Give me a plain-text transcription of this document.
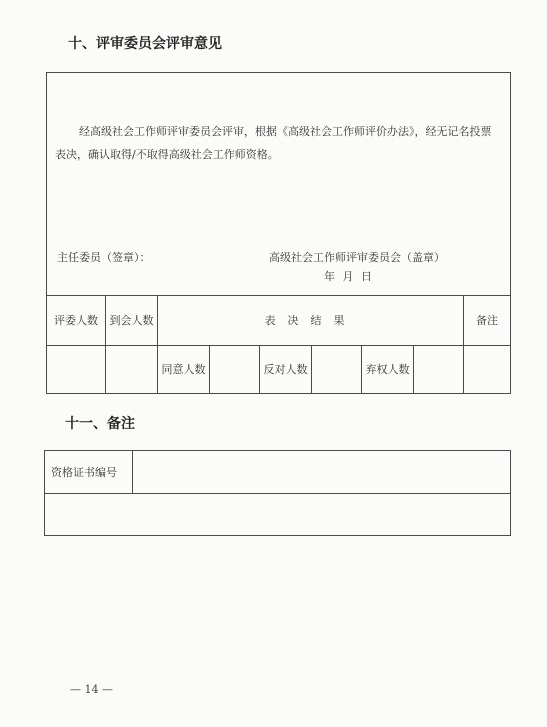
十、评审委员会评审意见
经高级社会工作师评审委员会评审，根据《高级社会工作师评价办法》，经无记名投票表决，确认取得/不取得高级社会工作师资格。
主任委员（签章）： 高级社会工作师评审委员会（盖章）
年 月 日								

评委人数	到会人数	表决结果						备注
		同意人数		反对人数		弃权人数		
十一、备注
资格证书编号	

— 14 —
